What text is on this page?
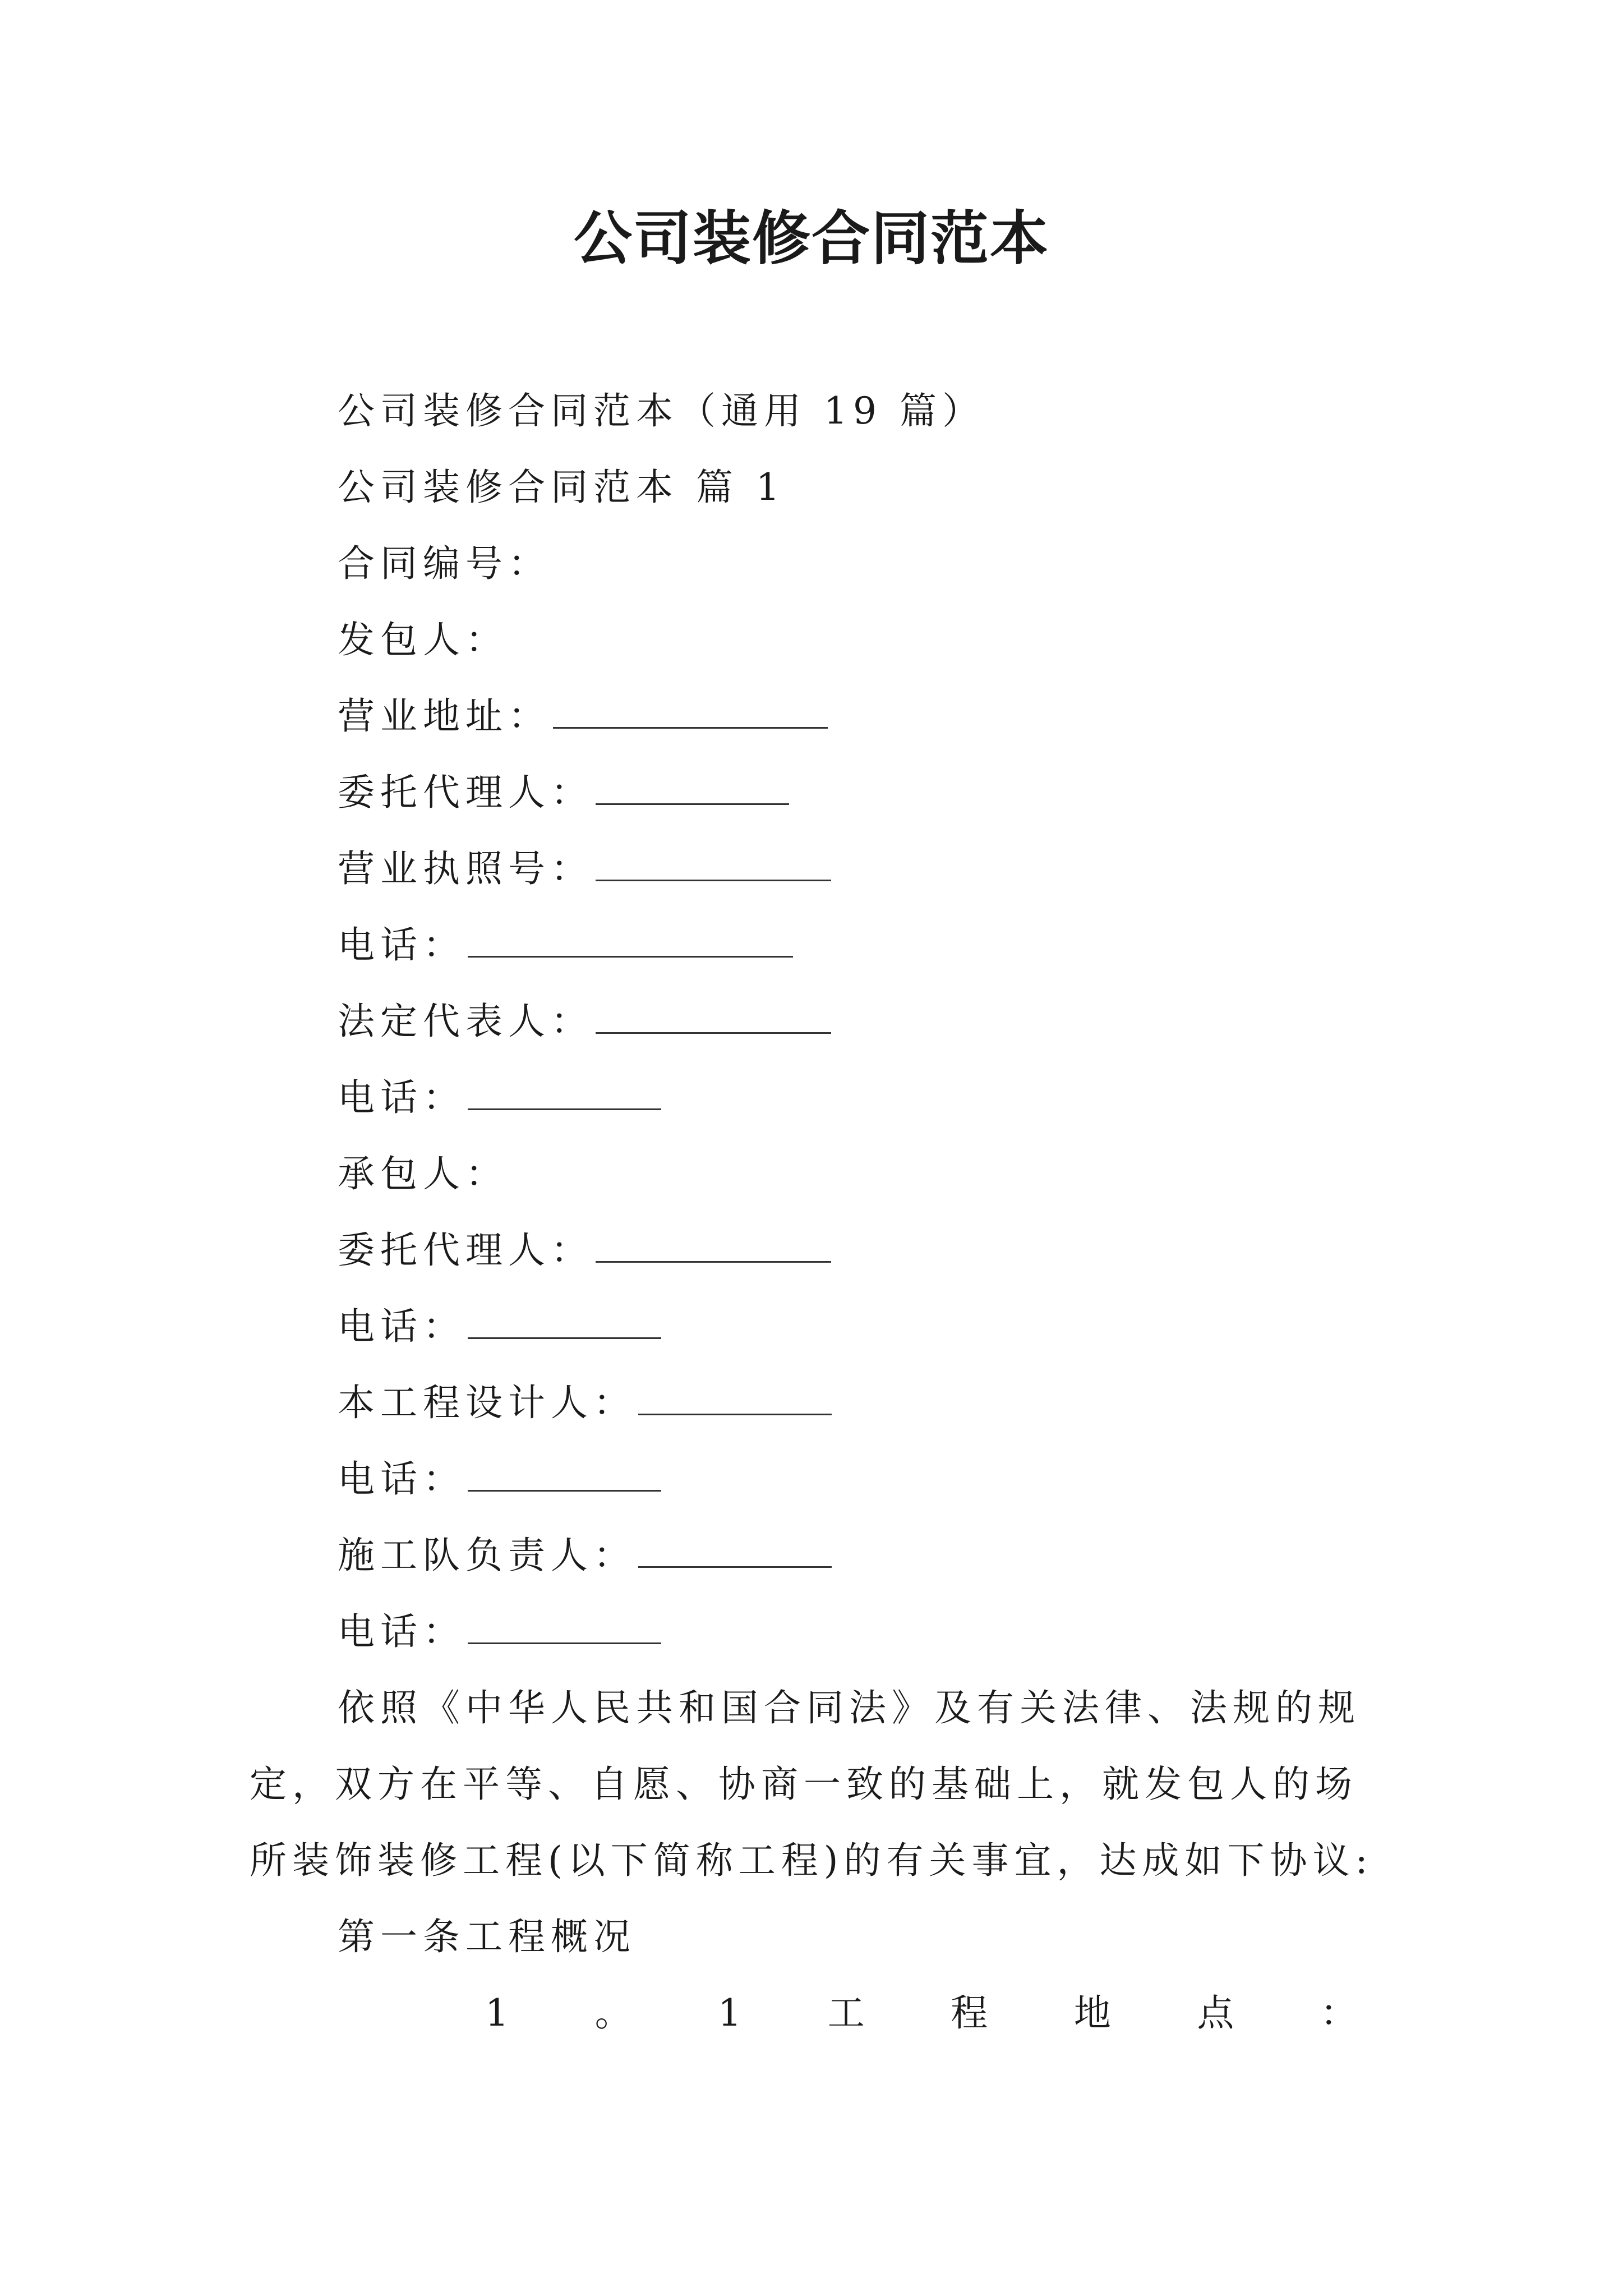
公司装修合同范本
公司装修合同范本（通用 19 篇）
公司装修合同范本 篇 1
合同编号：
发包人：
营业地址：
委托代理人：
营业执照号：
电话：
法定代表人：
电话：
承包人：
委托代理人：
电话：
本工程设计人：
电话：
施工队负责人：
电话：
依照《中华人民共和国合同法》及有关法律、法规的规定，双方在平等、自愿、协商一致的基础上，就发包人的场所装饰装修工程(以下简称工程)的有关事宜，达成如下协议:
第一条工程概况
1 。 1 工 程 地 点 ：
